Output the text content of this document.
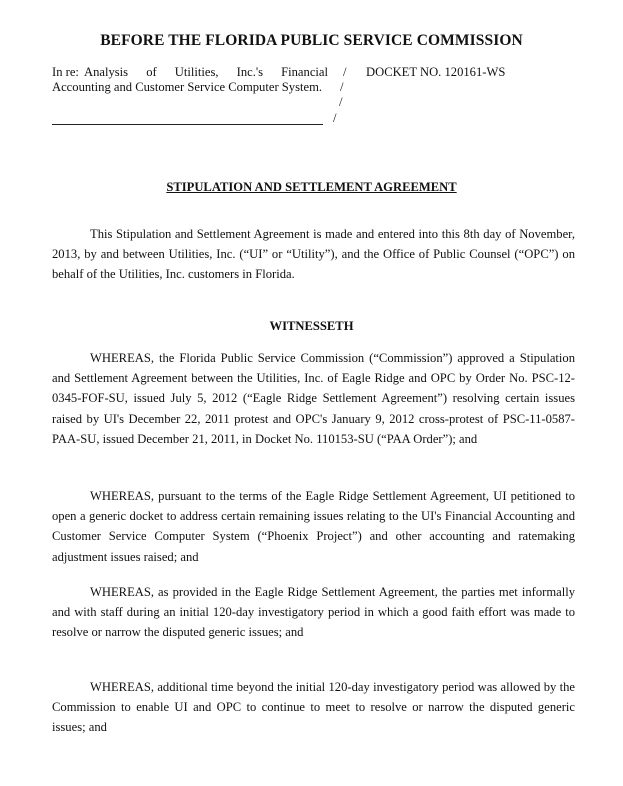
BEFORE THE FLORIDA PUBLIC SERVICE COMMISSION
In re: Analysis of Utilities, Inc.'s Financial Accounting and Customer Service Computer System.
/
/
/
/
DOCKET NO. 120161-WS
STIPULATION AND SETTLEMENT AGREEMENT

This Stipulation and Settlement Agreement is made and entered into this 8th day of November, 2013, by and between Utilities, Inc. (“UI” or “Utility”), and the Office of Public Counsel (“OPC”) on behalf of the Utilities, Inc. customers in Florida.

WITNESSETH

WHEREAS, the Florida Public Service Commission (“Commission”) approved a Stipulation and Settlement Agreement between the Utilities, Inc. of Eagle Ridge and OPC by Order No. PSC-12-0345-FOF-SU, issued July 5, 2012 (“Eagle Ridge Settlement Agreement”) resolving certain issues raised by UI's December 22, 2011 protest and OPC's January 9, 2012 cross-protest of PSC-11-0587-PAA-SU, issued December 21, 2011, in Docket No. 110153-SU (“PAA Order”); and

WHEREAS, pursuant to the terms of the Eagle Ridge Settlement Agreement, UI petitioned to open a generic docket to address certain remaining issues relating to the UI's Financial Accounting and Customer Service Computer System (“Phoenix Project”) and other accounting and ratemaking adjustment issues raised; and

WHEREAS, as provided in the Eagle Ridge Settlement Agreement, the parties met informally and with staff during an initial 120-day investigatory period in which a good faith effort was made to resolve or narrow the disputed generic issues; and

WHEREAS, additional time beyond the initial 120-day investigatory period was allowed by the Commission to enable UI and OPC to continue to meet to resolve or narrow the disputed generic issues; and
